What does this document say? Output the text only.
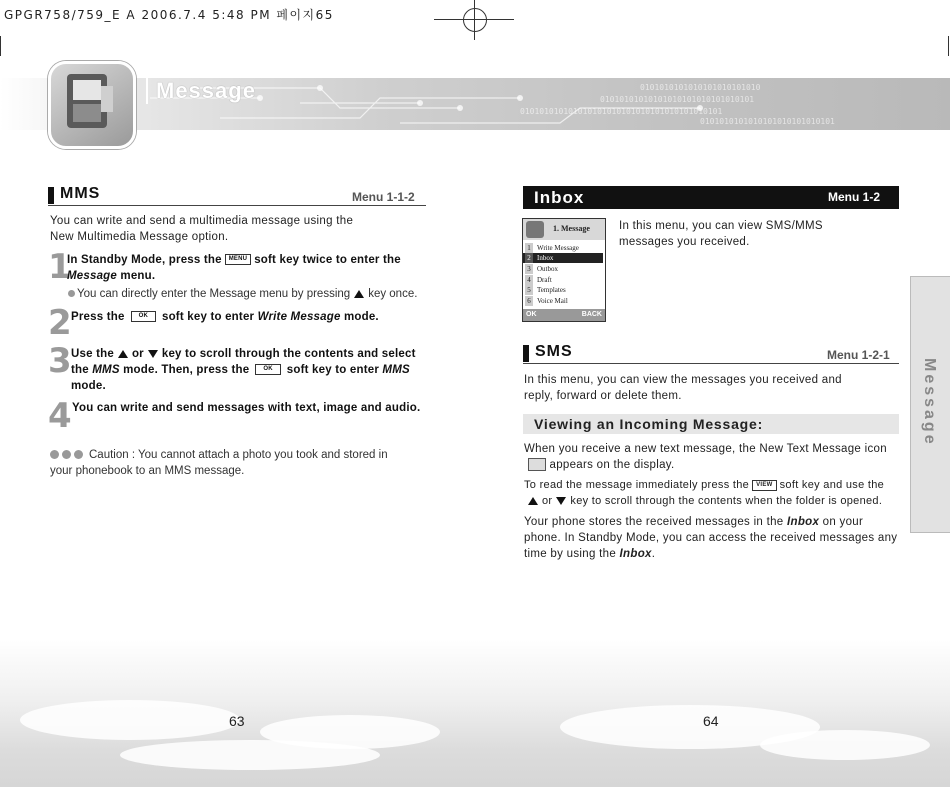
GPGR758/759_E A 2006.7.4 5:48 PM 페이지65
0101010101010101010101010
01010101010101010101010101010101
010101010101010101010101010101010101010101
0101010101010101010101010101
Message
MMS	Menu 1-1-2
You can write and send a multimedia message using the New Multimedia Message option.
1
In Standby Mode, press the MENU soft key twice to enter the Message menu.
You can directly enter the Message menu by pressing key once.
2 Press the OK soft key to enter Write Message mode.
3 Use the or key to scroll through the contents and select the MMS mode. Then, press the OK soft key to enter MMS mode.
4 You can write and send messages with text, image and audio.
Caution : You cannot attach a photo you took and stored in your phonebook to an MMS message.
Inbox	Menu 1-2
1. Message
1 Write Message
2 Inbox
3 Outbox
4 Draft
5 Templates
6 Voice Mail
OK	BACK
In this menu, you can view SMS/MMS messages you received.
SMS	Menu 1-2-1
In this menu, you can view the messages you received and reply, forward or delete them.
Viewing an Incoming Message:
When you receive a new text message, the New Text Message icon  appears on the display.
To read the message immediately press the VIEW soft key and use theor key to scroll through the contents when the folder is opened.
Your phone stores the received messages in the Inbox on your phone. In Standby Mode, you can access the received messages any time by using the Inbox.
Message
63	64
